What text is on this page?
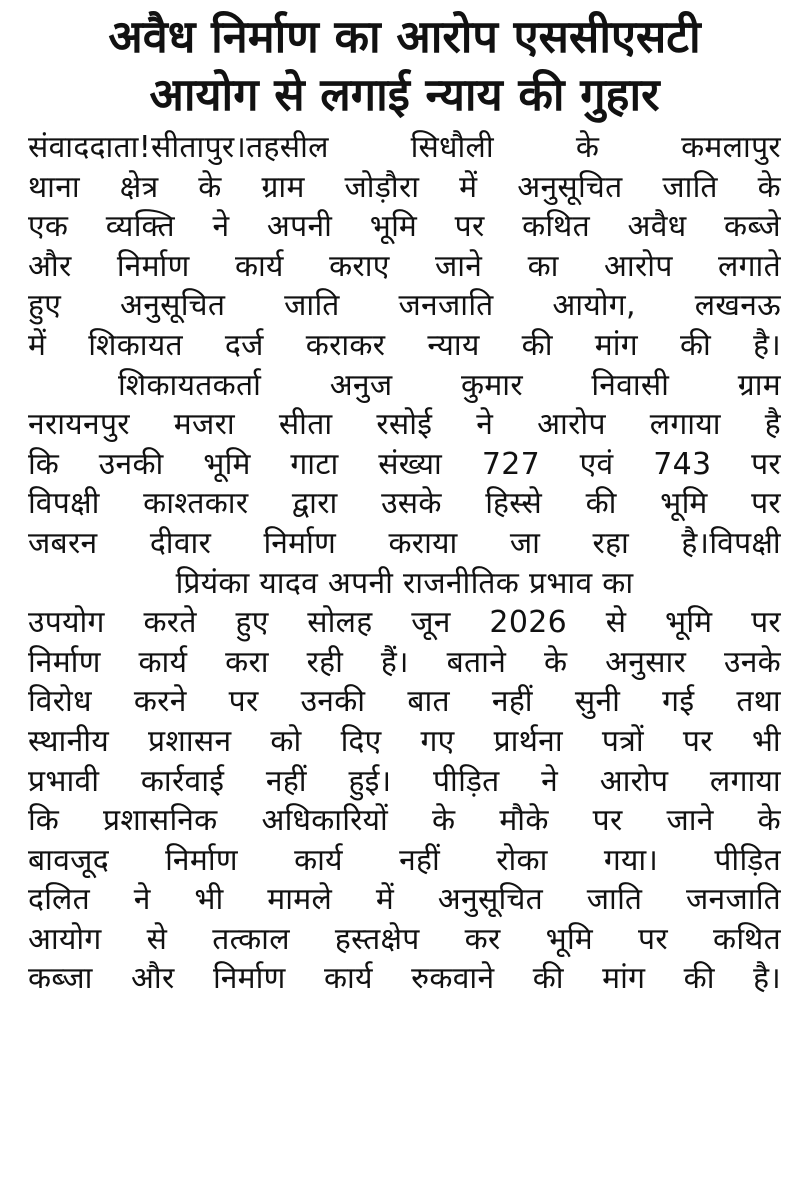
अवैध निर्माण का आरोप एससीएसटी
आयोग से लगाई न्याय की गुहार
संवाददाता!सीतापुर।तहसील सिधौली के कमलापुर
थाना क्षेत्र के ग्राम जोड़ौरा में अनुसूचित जाति के
एक व्यक्ति ने अपनी भूमि पर कथित अवैध कब्जे
और निर्माण कार्य कराए जाने का आरोप लगाते
हुए अनुसूचित जाति जनजाति आयोग, लखनऊ
में शिकायत दर्ज कराकर न्याय की मांग की है।
शिकायतकर्ता अनुज कुमार निवासी ग्राम
नरायनपुर मजरा सीता रसोई ने आरोप लगाया है
कि उनकी भूमि गाटा संख्या 727 एवं 743 पर
विपक्षी काश्तकार द्वारा उसके हिस्से की भूमि पर
जबरन दीवार निर्माण कराया जा रहा है।विपक्षी
प्रियंका यादव अपनी राजनीतिक प्रभाव का
उपयोग करते हुए सोलह जून 2026 से भूमि पर
निर्माण कार्य करा रही हैं। बताने के अनुसार उनके
विरोध करने पर उनकी बात नहीं सुनी गई तथा
स्थानीय प्रशासन को दिए गए प्रार्थना पत्रों पर भी
प्रभावी कार्रवाई नहीं हुई। पीड़ित ने आरोप लगाया
कि प्रशासनिक अधिकारियों के मौके पर जाने के
बावजूद निर्माण कार्य नहीं रोका गया। पीड़ित
दलित ने भी मामले में अनुसूचित जाति जनजाति
आयोग से तत्काल हस्तक्षेप कर भूमि पर कथित
कब्जा और निर्माण कार्य रुकवाने की मांग की है।
